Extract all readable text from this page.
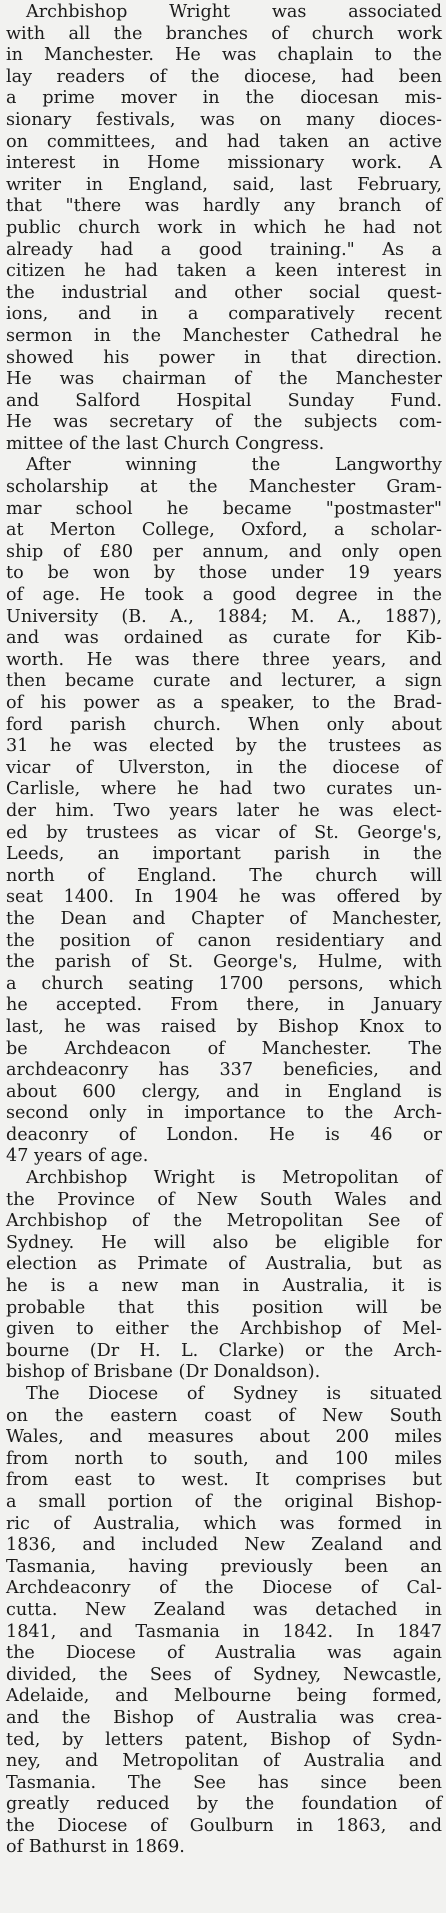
Archbishop Wright was associated
with all the branches of church work
in Manchester. He was chaplain to the
lay readers of the diocese, had been
a prime mover in the diocesan mis-
sionary festivals, was on many dioces-
on committees, and had taken an active
interest in Home missionary work. A
writer in England, said, last February,
that "there was hardly any branch of
public church work in which he had not
already had a good training." As a
citizen he had taken a keen interest in
the industrial and other social quest-
ions, and in a comparatively recent
sermon in the Manchester Cathedral he
showed his power in that direction.
He was chairman of the Manchester
and Salford Hospital Sunday Fund.
He was secretary of the subjects com-
mittee of the last Church Congress.
After winning the Langworthy
scholarship at the Manchester Gram-
mar school he became "postmaster"
at Merton College, Oxford, a scholar-
ship of £80 per annum, and only open
to be won by those under 19 years
of age. He took a good degree in the
University (B. A., 1884; M. A., 1887),
and was ordained as curate for Kib-
worth. He was there three years, and
then became curate and lecturer, a sign
of his power as a speaker, to the Brad-
ford parish church. When only about
31 he was elected by the trustees as
vicar of Ulverston, in the diocese of
Carlisle, where he had two curates un-
der him. Two years later he was elect-
ed by trustees as vicar of St. George's,
Leeds, an important parish in the
north of England. The church will
seat 1400. In 1904 he was offered by
the Dean and Chapter of Manchester,
the position of canon residentiary and
the parish of St. George's, Hulme, with
a church seating 1700 persons, which
he accepted. From there, in January
last, he was raised by Bishop Knox to
be Archdeacon of Manchester. The
archdeaconry has 337 beneficies, and
about 600 clergy, and in England is
second only in importance to the Arch-
deaconry of London. He is 46 or
47 years of age.
Archbishop Wright is Metropolitan of
the Province of New South Wales and
Archbishop of the Metropolitan See of
Sydney. He will also be eligible for
election as Primate of Australia, but as
he is a new man in Australia, it is
probable that this position will be
given to either the Archbishop of Mel-
bourne (Dr H. L. Clarke) or the Arch-
bishop of Brisbane (Dr Donaldson).
The Diocese of Sydney is situated
on the eastern coast of New South
Wales, and measures about 200 miles
from north to south, and 100 miles
from east to west. It comprises but
a small portion of the original Bishop-
ric of Australia, which was formed in
1836, and included New Zealand and
Tasmania, having previously been an
Archdeaconry of the Diocese of Cal-
cutta. New Zealand was detached in
1841, and Tasmania in 1842. In 1847
the Diocese of Australia was again
divided, the Sees of Sydney, Newcastle,
Adelaide, and Melbourne being formed,
and the Bishop of Australia was crea-
ted, by letters patent, Bishop of Sydn-
ney, and Metropolitan of Australia and
Tasmania. The See has since been
greatly reduced by the foundation of
the Diocese of Goulburn in 1863, and
of Bathurst in 1869.
